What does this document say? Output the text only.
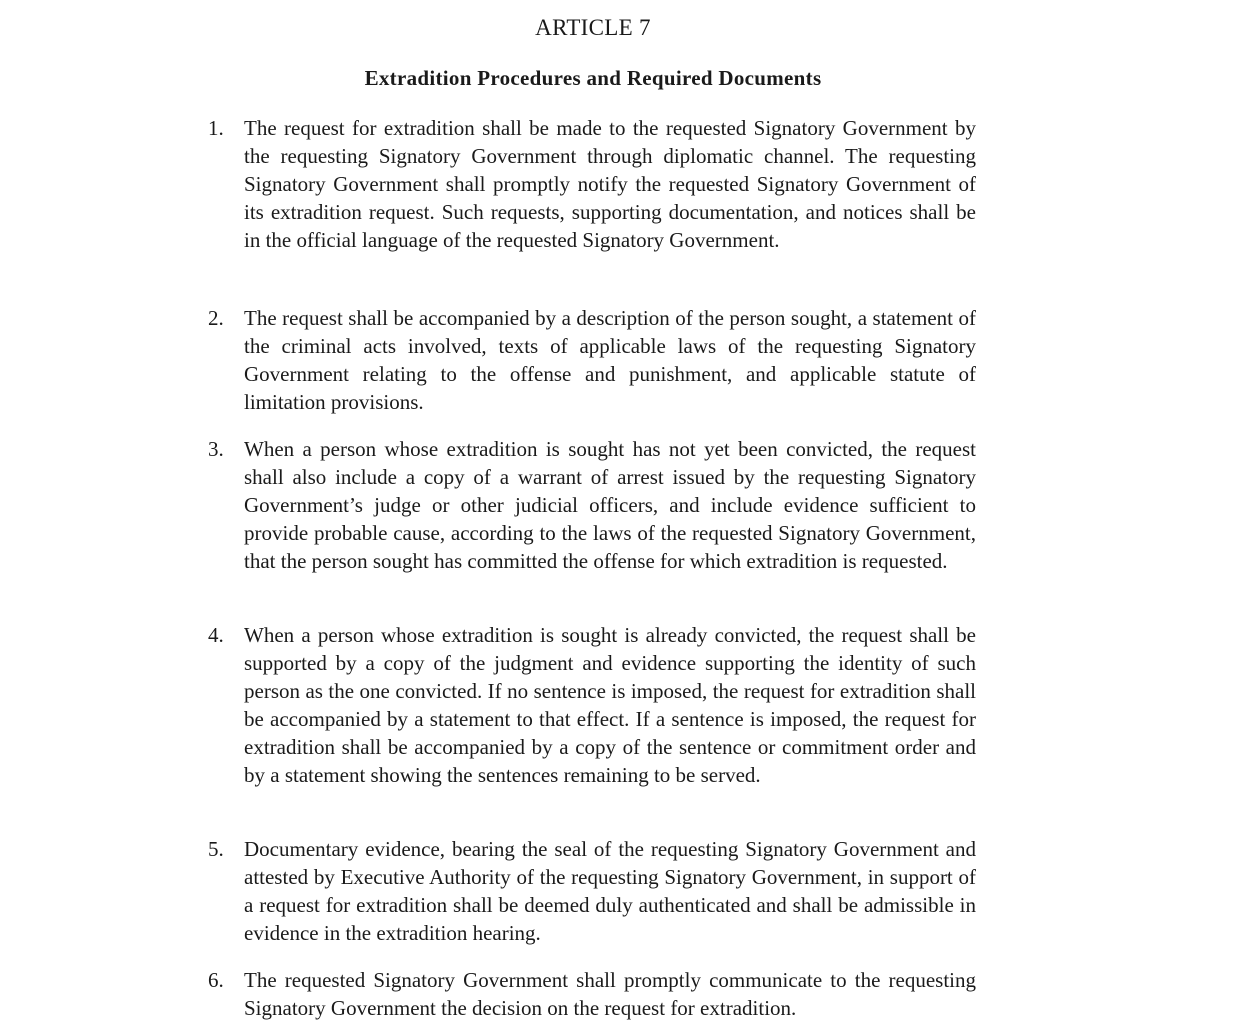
ARTICLE 7
Extradition Procedures and Required Documents
1. The request for extradition shall be made to the requested Signatory Government by the requesting Signatory Government through diplomatic channel. The requesting Signatory Government shall promptly notify the requested Signatory Government of its extradition request. Such requests, supporting documentation, and notices shall be in the official language of the requested Signatory Government.
2. The request shall be accompanied by a description of the person sought, a statement of the criminal acts involved, texts of applicable laws of the requesting Signatory Government relating to the offense and punishment, and applicable statute of limitation provisions.
3. When a person whose extradition is sought has not yet been convicted, the request shall also include a copy of a warrant of arrest issued by the requesting Signatory Government’s judge or other judicial officers, and include evidence sufficient to provide probable cause, according to the laws of the requested Signatory Government, that the person sought has committed the offense for which extradition is requested.
4. When a person whose extradition is sought is already convicted, the request shall be supported by a copy of the judgment and evidence supporting the identity of such person as the one convicted. If no sentence is imposed, the request for extradition shall be accompanied by a statement to that effect. If a sentence is imposed, the request for extradition shall be accompanied by a copy of the sentence or commitment order and by a statement showing the sentences remaining to be served.
5. Documentary evidence, bearing the seal of the requesting Signatory Government and attested by Executive Authority of the requesting Signatory Government, in support of a request for extradition shall be deemed duly authenticated and shall be admissible in evidence in the extradition hearing.
6. The requested Signatory Government shall promptly communicate to the requesting Signatory Government the decision on the request for extradition.
